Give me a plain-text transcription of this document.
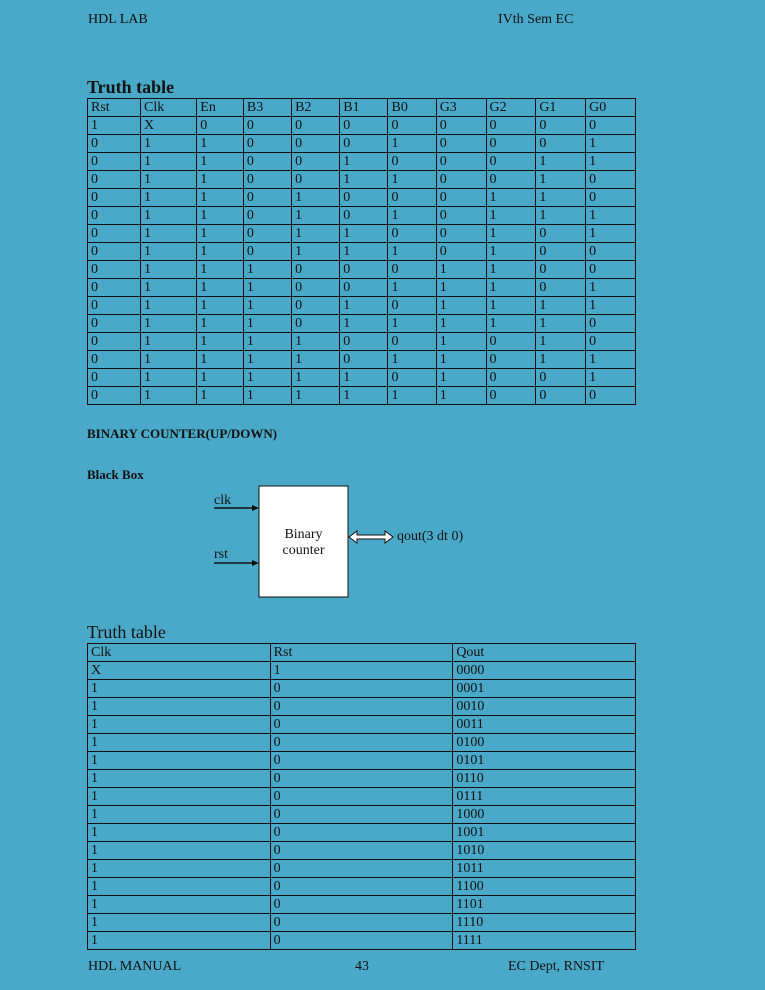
HDL LAB	IVth Sem EC
Truth table
Rst	Clk	En	B3	B2	B1	B0	G3	G2	G1	G0
1	X	0	0	0	0	0	0	0	0	0
0	1	1	0	0	0	1	0	0	0	1
0	1	1	0	0	1	0	0	0	1	1
0	1	1	0	0	1	1	0	0	1	0
0	1	1	0	1	0	0	0	1	1	0
0	1	1	0	1	0	1	0	1	1	1
0	1	1	0	1	1	0	0	1	0	1
0	1	1	0	1	1	1	0	1	0	0
0	1	1	1	0	0	0	1	1	0	0
0	1	1	1	0	0	1	1	1	0	1
0	1	1	1	0	1	0	1	1	1	1
0	1	1	1	0	1	1	1	1	1	0
0	1	1	1	1	0	0	1	0	1	0
0	1	1	1	1	0	1	1	0	1	1
0	1	1	1	1	1	0	1	0	0	1
0	1	1	1	1	1	1	1	0	0	0
BINARY COUNTER(UP/DOWN)
Black Box
clk
rst
Binary
counter
qout(3 dt 0)
Truth table
Clk	Rst	Qout
X	1	0000
1	0	0001
1	0	0010
1	0	0011
1	0	0100
1	0	0101
1	0	0110
1	0	0111
1	0	1000
1	0	1001
1	0	1010
1	0	1011
1	0	1100
1	0	1101
1	0	1110
1	0	1111
HDL MANUAL	43	EC Dept, RNSIT
